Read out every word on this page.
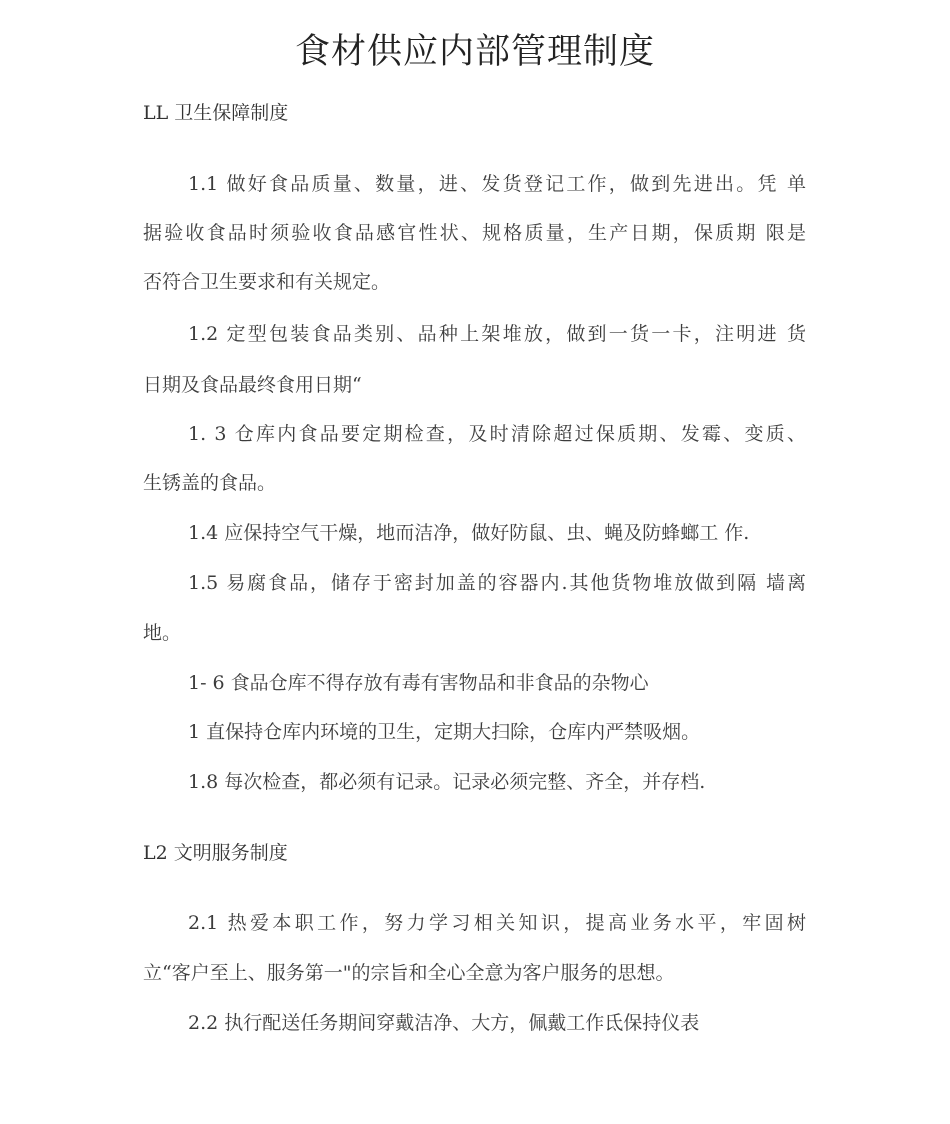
食材供应内部管理制度
LL 卫生保障制度
1.1 做好食品质量、数量，进、发货登记工作，做到先进出。凭 单
据验收食品时须验收食品感官性状、规格质量，生产日期，保质期 限是
否符合卫生要求和有关规定。
1.2 定型包装食品类别、品种上架堆放，做到一货一卡，注明进 货
日期及食品最终食用日期“
1. 3 仓库内食品要定期检查，及时清除超过保质期、发霉、变质、
生锈盖的食品。
1.4 应保持空气干燥，地而洁净，做好防鼠、虫、蝇及防蜂螂工 作.
1.5 易腐食品，储存于密封加盖的容器内.其他货物堆放做到隔 墙离
地。
1- 6 食品仓库不得存放有毒有害物品和非食品的杂物心
1 直保持仓库内环境的卫生，定期大扫除，仓库内严禁吸烟。
1.8 每次检查，都必须有记录。记录必须完整、齐全，并存档.
L2 文明服务制度
2.1 热爱本职工作，努力学习相关知识，提高业务水平，牢固树
立“客户至上、服务第一"的宗旨和全心全意为客户服务的思想。
2.2 执行配送任务期间穿戴洁净、大方，佩戴工作氐保持仪表
